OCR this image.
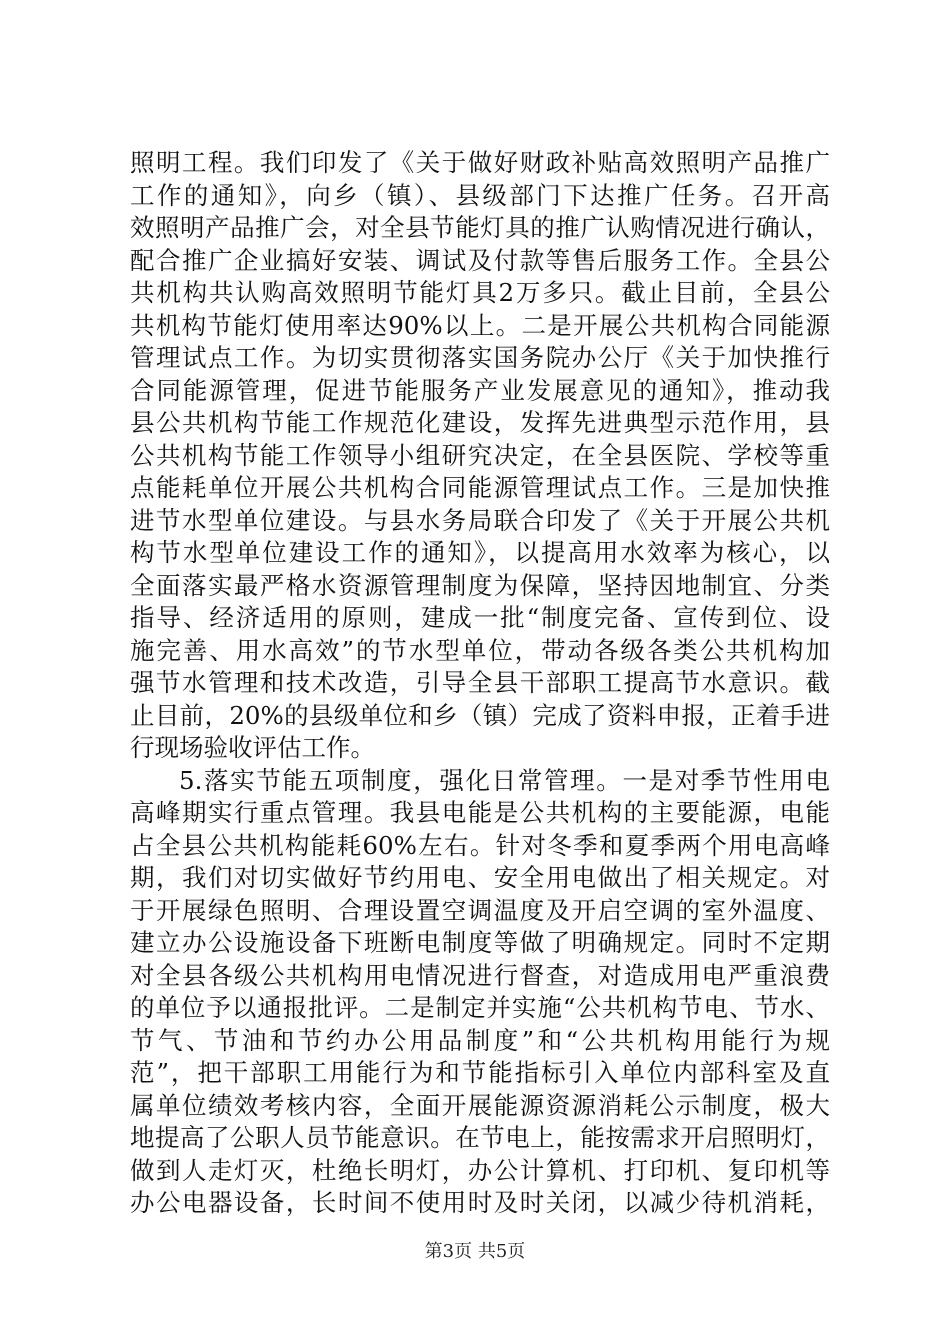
照明工程。我们印发了《关于做好财政补贴高效照明产品推广
工作的通知》，向乡（镇）、县级部门下达推广任务。召开高
效照明产品推广会，对全县节能灯具的推广认购情况进行确认，
配合推广企业搞好安装、调试及付款等售后服务工作。全县公
共机构共认购高效照明节能灯具2万多只。截止目前，全县公
共机构节能灯使用率达90%以上。二是开展公共机构合同能源
管理试点工作。为切实贯彻落实国务院办公厅《关于加快推行
合同能源管理，促进节能服务产业发展意见的通知》，推动我
县公共机构节能工作规范化建设，发挥先进典型示范作用，县
公共机构节能工作领导小组研究决定，在全县医院、学校等重
点能耗单位开展公共机构合同能源管理试点工作。三是加快推
进节水型单位建设。与县水务局联合印发了《关于开展公共机
构节水型单位建设工作的通知》，以提高用水效率为核心，以
全面落实最严格水资源管理制度为保障，坚持因地制宜、分类
指导、经济适用的原则，建成一批“制度完备、宣传到位、设
施完善、用水高效”的节水型单位，带动各级各类公共机构加
强节水管理和技术改造，引导全县干部职工提高节水意识。截
止目前，20%的县级单位和乡（镇）完成了资料申报，正着手进
行现场验收评估工作。
5.落实节能五项制度，强化日常管理。一是对季节性用电
高峰期实行重点管理。我县电能是公共机构的主要能源，电能
占全县公共机构能耗60%左右。针对冬季和夏季两个用电高峰
期，我们对切实做好节约用电、安全用电做出了相关规定。对
于开展绿色照明、合理设置空调温度及开启空调的室外温度、
建立办公设施设备下班断电制度等做了明确规定。同时不定期
对全县各级公共机构用电情况进行督查，对造成用电严重浪费
的单位予以通报批评。二是制定并实施“公共机构节电、节水、
节气、节油和节约办公用品制度”和“公共机构用能行为规
范”，把干部职工用能行为和节能指标引入单位内部科室及直
属单位绩效考核内容，全面开展能源资源消耗公示制度，极大
地提高了公职人员节能意识。在节电上，能按需求开启照明灯，
做到人走灯灭，杜绝长明灯，办公计算机、打印机、复印机等
办公电器设备，长时间不使用时及时关闭，以减少待机消耗，
第3页 共5页
